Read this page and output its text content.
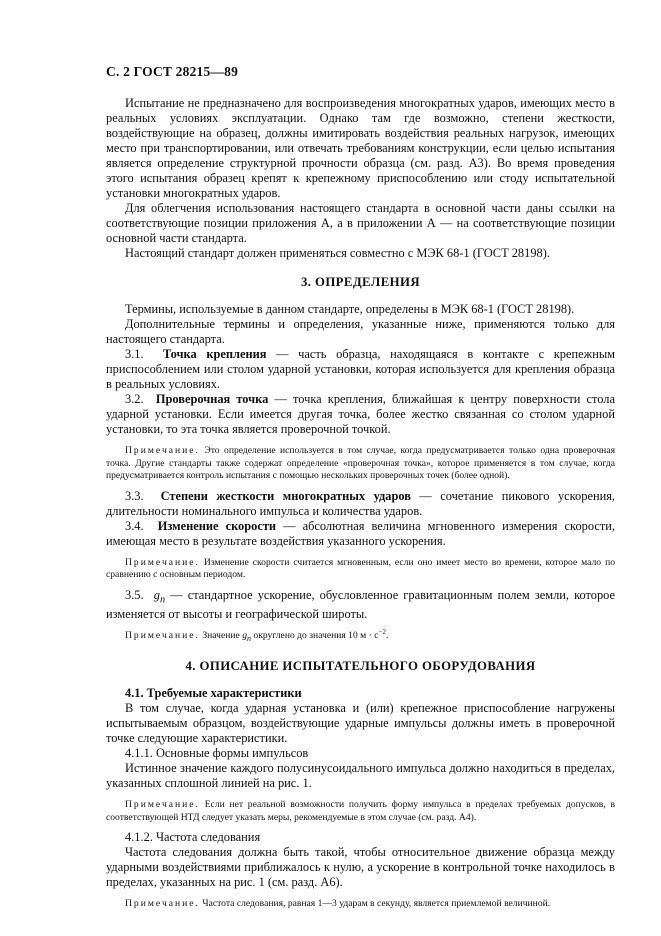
С. 2 ГОСТ 28215—89

Испытание не предназначено для воспроизведения многократных ударов, имеющих место в реальных условиях эксплуатации. Однако там где возможно, степени жесткости, воздействующие на образец, должны имитировать воздействия реальных нагрузок, имеющих место при транспортировании, или отвечать требованиям конструкции, если целью испытания является определение структурной прочности образца (см. разд. А3). Во время проведения этого испытания образец крепят к крепежному приспособлению или стоду испытательной установки многократных ударов.

Для облегчения использования настоящего стандарта в основной части даны ссылки на соответствующие позиции приложения А, а в приложении А — на соответствующие позиции основной части стандарта.

Настоящий стандарт должен применяться совместно с МЭК 68-1 (ГОСТ 28198).

3. ОПРЕДЕЛЕНИЯ

Термины, используемые в данном стандарте, определены в МЭК 68-1 (ГОСТ 28198).

Дополнительные термины и определения, указанные ниже, применяются только для настоящего стандарта.

3.1. Точка крепления — часть образца, находящаяся в контакте с крепежным приспособлением или столом ударной установки, которая используется для крепления образца в реальных условиях.

3.2. Проверочная точка — точка крепления, ближайшая к центру поверхности стола ударной установки. Если имеется другая точка, более жестко связанная со столом ударной установки, то эта точка является проверочной точкой.

Примечание. Это определение используется в том случае, когда предусматривается только одна проверочная точка. Другие стандарты также содержат определение «проверочная точка», которое применяется в том случае, когда предусматривается контроль испытания с помощью нескольких проверочных точек (более одной).

3.3. Степени жесткости многократных ударов — сочетание пикового ускорения, длительности номинального импульса и количества ударов.

3.4. Изменение скорости — абсолютная величина мгновенного измерения скорости, имеющая место в результате воздействия указанного ускорения.

Примечание. Изменение скорости считается мгновенным, если оно имеет место во времени, которое мало по сравнению с основным периодом.

3.5. $g_n$ — стандартное ускорение, обусловленное гравитационным полем земли, которое изменяется от высоты и географической широты.

Примечание. Значение $g_n$ округлено до значения 10 $м \cdot с^{-2}$.

4. ОПИСАНИЕ ИСПЫТАТЕЛЬНОГО ОБОРУДОВАНИЯ

4.1. Требуемые характеристики

В том случае, когда ударная установка и (или) крепежное приспособление нагружены испытываемым образцом, воздействующие ударные импульсы должны иметь в проверочной точке следующие характеристики.

4.1.1. Основные формы импульсов

Истинное значение каждого полусинусоидального импульса должно находиться в пределах, указанных сплошной линией на рис. 1.

Примечание. Если нет реальной возможности получить форму импульса в пределах требуемых допусков, в соответствующей НТД следует указать меры, рекомендуемые в этом случае (см. разд. А4).

4.1.2. Частота следования

Частота следования должна быть такой, чтобы относительное движение образца между ударными воздействиями приближалось к нулю, а ускорение в контрольной точке находилось в пределах, указанных на рис. 1 (см. разд. А6).

Примечание. Частота следования, равная 1—3 ударам в секунду, является приемлемой величиной.
